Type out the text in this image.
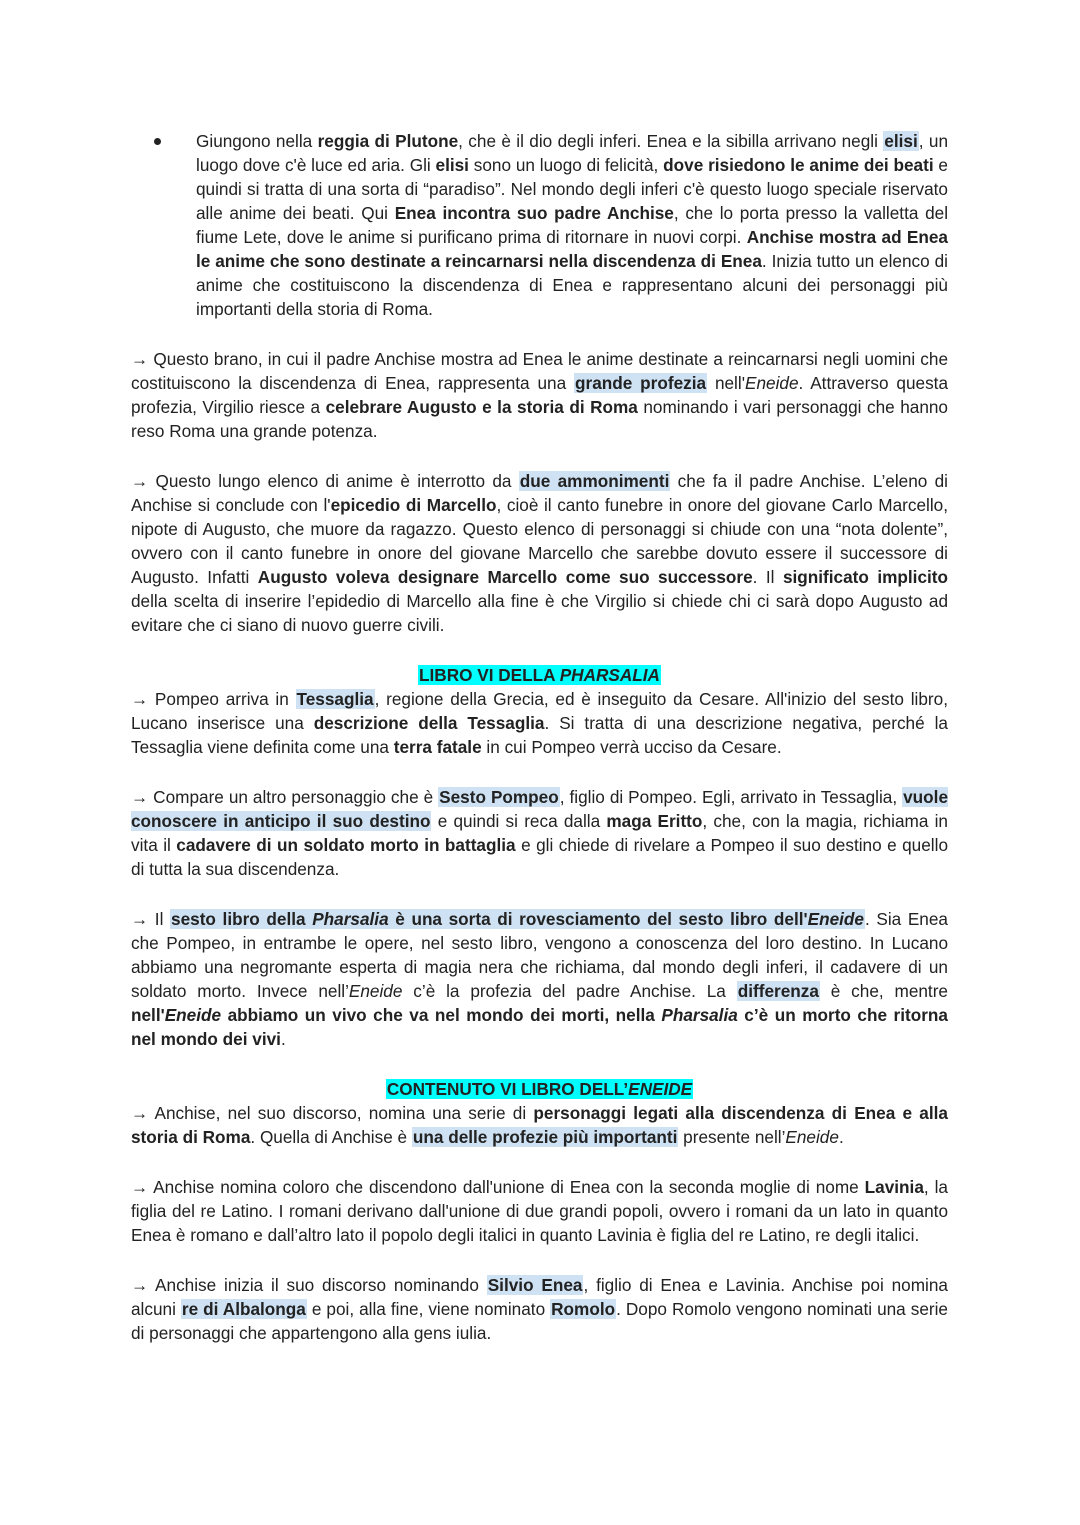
Giungono nella reggia di Plutone, che è il dio degli inferi. Enea e la sibilla arrivano negli elisi, un luogo dove c'è luce ed aria. Gli elisi sono un luogo di felicità, dove risiedono le anime dei beati e quindi si tratta di una sorta di “paradiso”. Nel mondo degli inferi c'è questo luogo speciale riservato alle anime dei beati. Qui Enea incontra suo padre Anchise, che lo porta presso la valletta del fiume Lete, dove le anime si purificano prima di ritornare in nuovi corpi. Anchise mostra ad Enea le anime che sono destinate a reincarnarsi nella discendenza di Enea. Inizia tutto un elenco di anime che costituiscono la discendenza di Enea e rappresentano alcuni dei personaggi più importanti della storia di Roma.

→ Questo brano, in cui il padre Anchise mostra ad Enea le anime destinate a reincarnarsi negli uomini che costituiscono la discendenza di Enea, rappresenta una grande profezia nell'Eneide. Attraverso questa profezia, Virgilio riesce a celebrare Augusto e la storia di Roma nominando i vari personaggi che hanno reso Roma una grande potenza.

→ Questo lungo elenco di anime è interrotto da due ammonimenti che fa il padre Anchise. L’eleno di Anchise si conclude con l'epicedio di Marcello, cioè il canto funebre in onore del giovane Carlo Marcello, nipote di Augusto, che muore da ragazzo. Questo elenco di personaggi si chiude con una “nota dolente”, ovvero con il canto funebre in onore del giovane Marcello che sarebbe dovuto essere il successore di Augusto. Infatti Augusto voleva designare Marcello come suo successore. Il significato implicito della scelta di inserire l’epidedio di Marcello alla fine è che Virgilio si chiede chi ci sarà dopo Augusto ad evitare che ci siano di nuovo guerre civili.

LIBRO VI DELLA PHARSALIA

→ Pompeo arriva in Tessaglia, regione della Grecia, ed è inseguito da Cesare. All'inizio del sesto libro, Lucano inserisce una descrizione della Tessaglia. Si tratta di una descrizione negativa, perché la Tessaglia viene definita come una terra fatale in cui Pompeo verrà ucciso da Cesare.

→ Compare un altro personaggio che è Sesto Pompeo, figlio di Pompeo. Egli, arrivato in Tessaglia, vuole conoscere in anticipo il suo destino e quindi si reca dalla maga Eritto, che, con la magia, richiama in vita il cadavere di un soldato morto in battaglia e gli chiede di rivelare a Pompeo il suo destino e quello di tutta la sua discendenza.

→ Il sesto libro della Pharsalia è una sorta di rovesciamento del sesto libro dell'Eneide. Sia Enea che Pompeo, in entrambe le opere, nel sesto libro, vengono a conoscenza del loro destino. In Lucano abbiamo una negromante esperta di magia nera che richiama, dal mondo degli inferi, il cadavere di un soldato morto. Invece nell’Eneide c’è la profezia del padre Anchise. La differenza è che, mentre nell'Eneide abbiamo un vivo che va nel mondo dei morti, nella Pharsalia c’è un morto che ritorna nel mondo dei vivi.

CONTENUTO VI LIBRO DELL’ENEIDE

→ Anchise, nel suo discorso, nomina una serie di personaggi legati alla discendenza di Enea e alla storia di Roma. Quella di Anchise è una delle profezie più importanti presente nell’Eneide.

→ Anchise nomina coloro che discendono dall'unione di Enea con la seconda moglie di nome Lavinia, la figlia del re Latino. I romani derivano dall'unione di due grandi popoli, ovvero i romani da un lato in quanto Enea è romano e dall’altro lato il popolo degli italici in quanto Lavinia è figlia del re Latino, re degli italici.

→ Anchise inizia il suo discorso nominando Silvio Enea, figlio di Enea e Lavinia. Anchise poi nomina alcuni re di Albalonga e poi, alla fine, viene nominato Romolo. Dopo Romolo vengono nominati una serie di personaggi che appartengono alla gens iulia.
